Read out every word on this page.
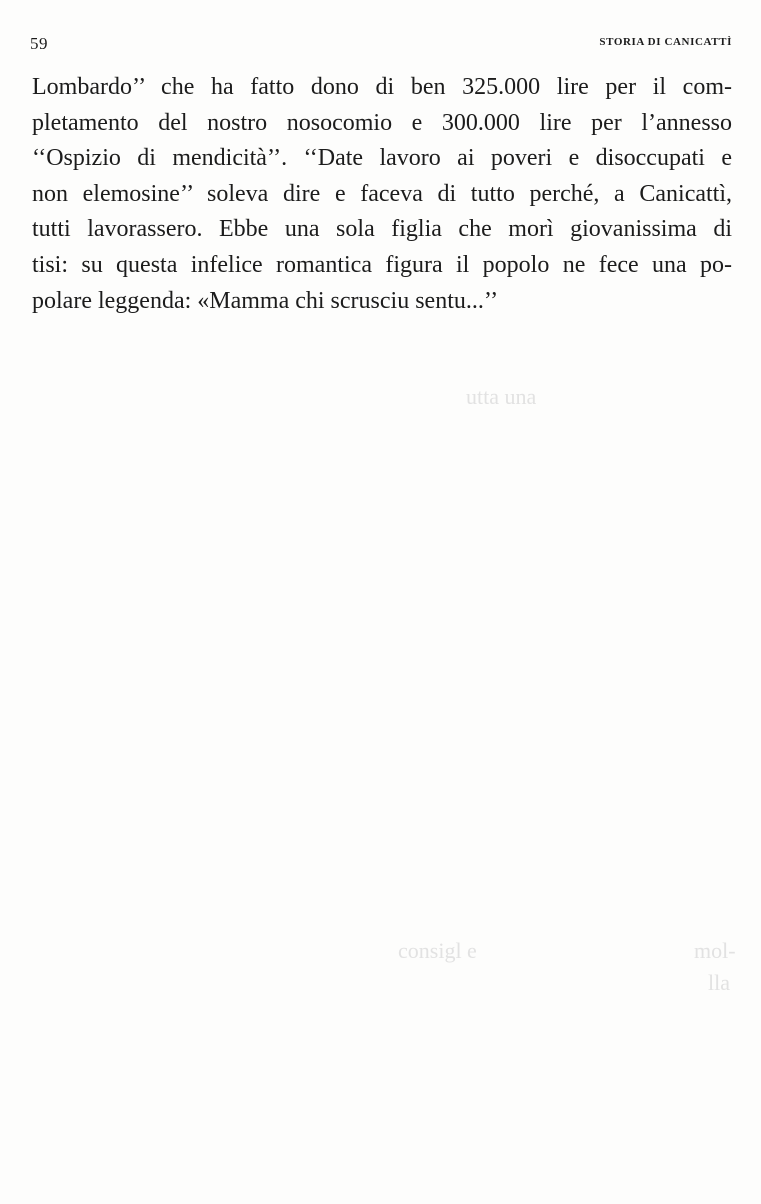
59	STORIA DI CANICATTÌ
Lombardo’’ che ha fatto dono di ben 325.000 lire per il com-
pletamento del nostro nosocomio e 300.000 lire per l’annesso
‘‘Ospizio di mendicità’’. ‘‘Date lavoro ai poveri e disoccupati e
non elemosine’’ soleva dire e faceva di tutto perché, a Canicattì,
tutti lavorassero. Ebbe una sola figlia che morì giovanissima di
tisi: su questa infelice romantica figura il popolo ne fece una po-
polare leggenda: «Mamma chi scrusciu sentu...’’
utta una
consigl e	mol-
lla
